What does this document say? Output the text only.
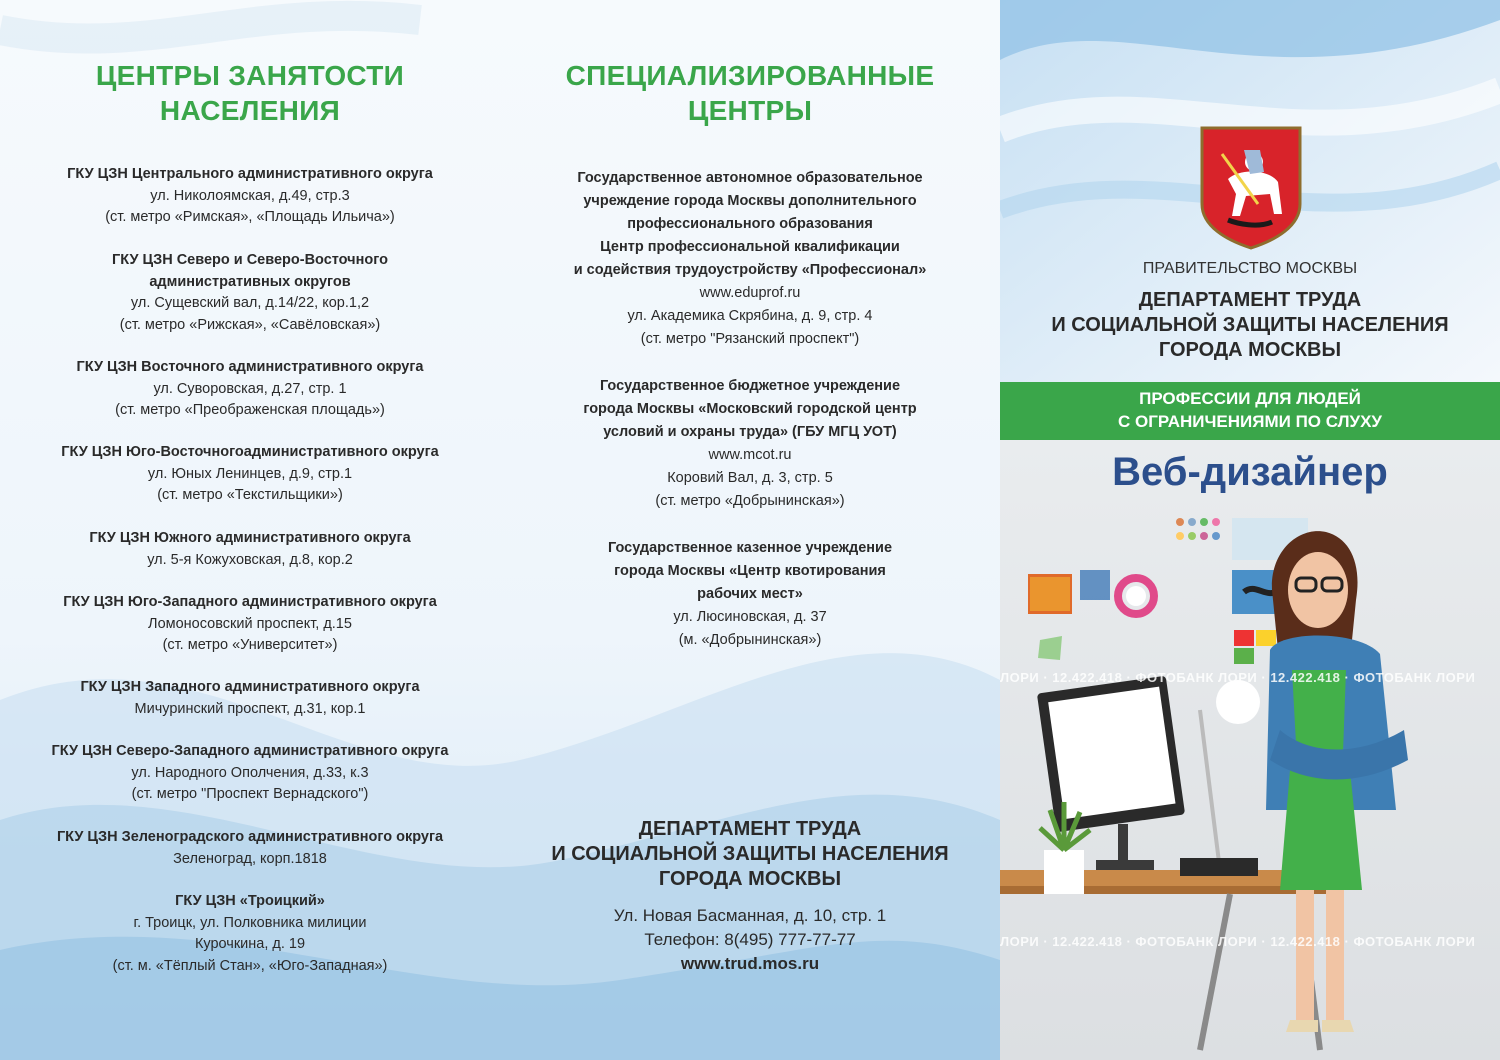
ЦЕНТРЫ ЗАНЯТОСТИ
НАСЕЛЕНИЯ
ГКУ ЦЗН Центрального административного округа
ул. Николоямская, д.49, стр.3
(ст. метро «Римская», «Площадь Ильича»)
ГКУ ЦЗН Северо и Северо-Восточного
административных округов
ул. Сущевский вал, д.14/22, кор.1,2
(ст. метро «Рижская», «Савёловская»)
ГКУ ЦЗН Восточного административного округа
ул. Суворовская, д.27, стр. 1
(ст. метро «Преображенская площадь»)
ГКУ ЦЗН Юго-Восточногоадминистративного округа
ул. Юных Ленинцев, д.9, стр.1
(ст. метро «Текстильщики»)
ГКУ ЦЗН Южного административного округа
ул. 5-я Кожуховская, д.8, кор.2
ГКУ ЦЗН Юго-Западного административного округа
Ломоносовский проспект, д.15
(ст. метро «Университет»)
ГКУ ЦЗН Западного административного округа
Мичуринский проспект, д.31, кор.1
ГКУ ЦЗН Северо-Западного административного округа
ул. Народного Ополчения, д.33, к.3
(ст. метро "Проспект Вернадского")
ГКУ ЦЗН Зеленоградского административного округа
Зеленоград, корп.1818
ГКУ ЦЗН «Троицкий»
г. Троицк, ул. Полковника милиции
Курочкина, д. 19
(ст. м. «Тёплый Стан», «Юго-Западная»)
СПЕЦИАЛИЗИРОВАННЫЕ
ЦЕНТРЫ
Государственное автономное образовательное
учреждение города Москвы дополнительного
профессионального образования
Центр профессиональной квалификации
и содействия трудоустройству «Профессионал»
www.eduprof.ru
ул. Академика Скрябина, д. 9, стр. 4
(ст. метро "Рязанский проспект")
Государственное бюджетное учреждение
города Москвы «Московский городской центр
условий и охраны труда» (ГБУ МГЦ УОТ)
www.mcot.ru
Коровий Вал, д. 3, стр. 5
(ст. метро «Добрынинская»)
Государственное казенное учреждение
города Москвы «Центр квотирования
рабочих мест»
ул. Люсиновская, д. 37
(м. «Добрынинская»)
ДЕПАРТАМЕНТ ТРУДА
И СОЦИАЛЬНОЙ ЗАЩИТЫ НАСЕЛЕНИЯ
ГОРОДА МОСКВЫ
Ул. Новая Басманная, д. 10, стр. 1
Телефон: 8(495) 777-77-77
www.trud.mos.ru
ПРАВИТЕЛЬСТВО МОСКВЫ
ДЕПАРТАМЕНТ ТРУДА
И СОЦИАЛЬНОЙ ЗАЩИТЫ НАСЕЛЕНИЯ
ГОРОДА МОСКВЫ
ПРОФЕССИИ ДЛЯ ЛЮДЕЙ
С ОГРАНИЧЕНИЯМИ ПО СЛУХУ
Веб-дизайнер
ЛОРИ · 12.422.418 · ФОТОБАНК ЛОРИ · 12.422.418 · ФОТОБАНК ЛОРИ
ЛОРИ · 12.422.418 · ФОТОБАНК ЛОРИ · 12.422.418 · ФОТОБАНК ЛОРИ
